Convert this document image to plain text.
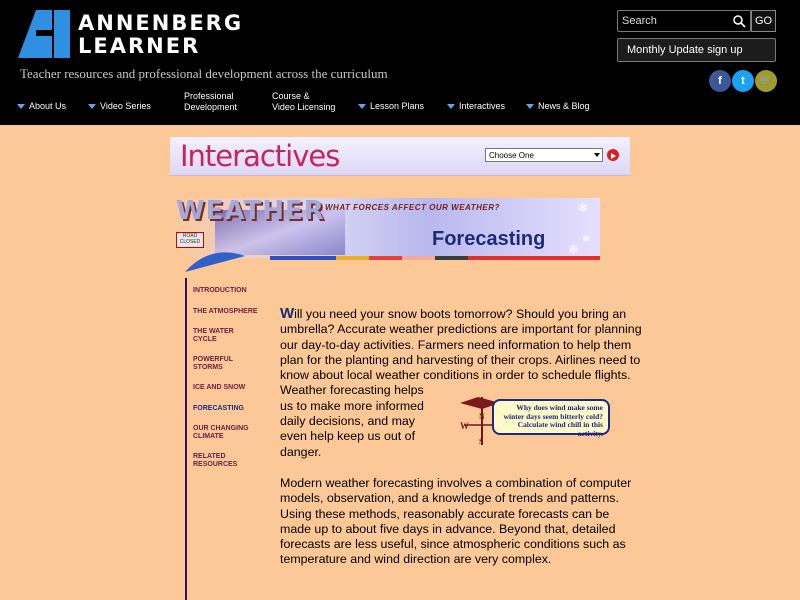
ANNENBERG
LEARNER
Teacher resources and professional development across the curriculum
Search
GO
Monthly Update sign up
f	t	🛒
About Us	Video Series
Professional
Development
Course &
Video Licensing	Lesson Plans	Interactives	News & Blog
Interactives	Choose One
WEATHER WHAT FORCES AFFECT OUR WEATHER?
Forecasting
ROAD CLOSED
❄
❄
❄
INTRODUCTION
THE ATMOSPHERE
THE WATER
CYCLE
POWERFUL
STORMS
ICE AND SNOW
FORECASTING
OUR CHANGING
CLIMATE
RELATED
RESOURCES

Will you need your snow boots tomorrow? Should you bring an umbrella? Accurate weather predictions are important for planning our day-to-day activities. Farmers need information to help them plan for the planting and harvesting of their crops. Airlines need to know about local weather conditions in order to schedule flights.
Weather forecasting helps us to make more informed daily decisions, and may even help keep us out of danger.

Modern weather forecasting involves a combination of computer models, observation, and a knowledge of trends and patterns. Using these methods, reasonably accurate forecasts can be made up to about five days in advance. Beyond that, detailed forecasts are less useful, since atmospheric conditions such as temperature and wind direction are very complex.

W
N
S
Why does wind make some winter days seem bitterly cold? Calculate wind chill in this activity.
